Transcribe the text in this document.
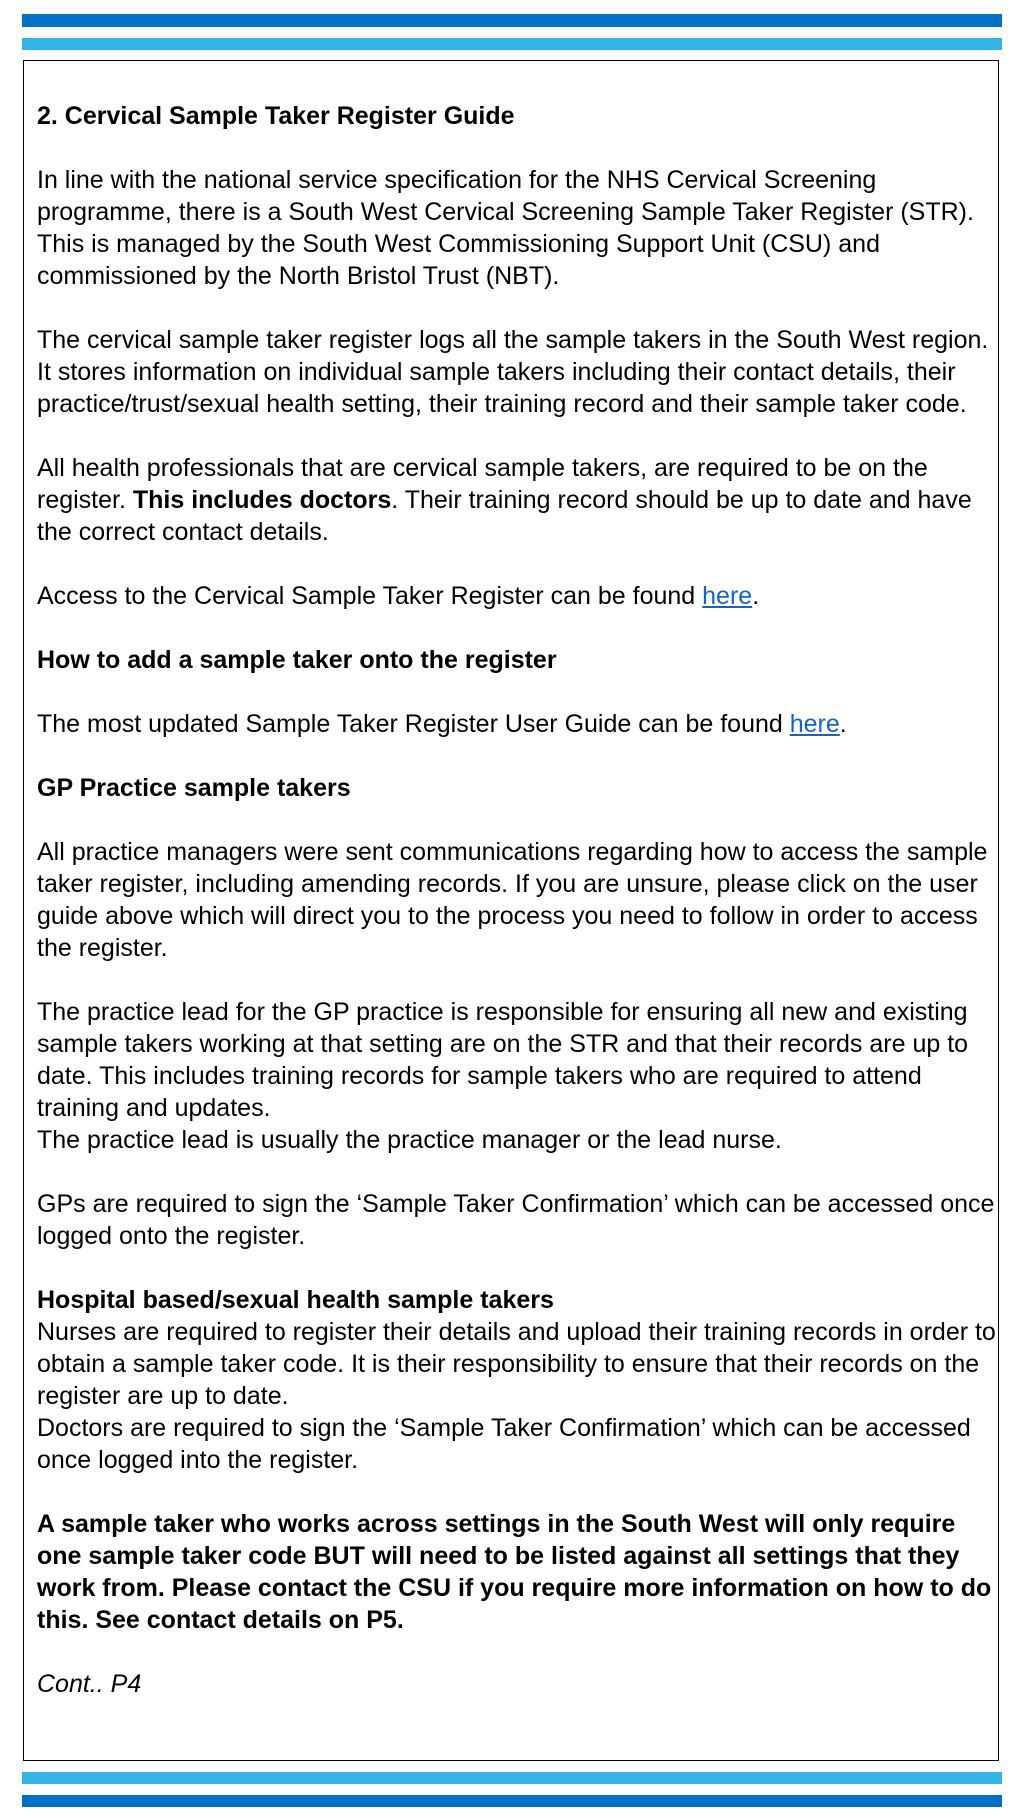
2. Cervical Sample Taker Register Guide

In line with the national service specification for the NHS Cervical Screening programme, there is a South West Cervical Screening Sample Taker Register (STR). This is managed by the South West Commissioning Support Unit (CSU) and commissioned by the North Bristol Trust (NBT).

The cervical sample taker register logs all the sample takers in the South West region. It stores information on individual sample takers including their contact details, their practice/trust/sexual health setting, their training record and their sample taker code.

All health professionals that are cervical sample takers, are required to be on the register. This includes doctors. Their training record should be up to date and have the correct contact details.

Access to the Cervical Sample Taker Register can be found here.

How to add a sample taker onto the register

The most updated Sample Taker Register User Guide can be found here.

GP Practice sample takers

All practice managers were sent communications regarding how to access the sample taker register, including amending records. If you are unsure, please click on the user guide above which will direct you to the process you need to follow in order to access the register.

The practice lead for the GP practice is responsible for ensuring all new and existing sample takers working at that setting are on the STR and that their records are up to date. This includes training records for sample takers who are required to attend training and updates.

The practice lead is usually the practice manager or the lead nurse.

GPs are required to sign the ‘Sample Taker Confirmation’ which can be accessed once logged onto the register.

Hospital based/sexual health sample takers

Nurses are required to register their details and upload their training records in order to obtain a sample taker code. It is their responsibility to ensure that their records on the register are up to date.

Doctors are required to sign the ‘Sample Taker Confirmation’ which can be accessed once logged into the register.

A sample taker who works across settings in the South West will only require one sample taker code BUT will need to be listed against all settings that they work from. Please contact the CSU if you require more information on how to do this. See contact details on P5.

Cont.. P4
